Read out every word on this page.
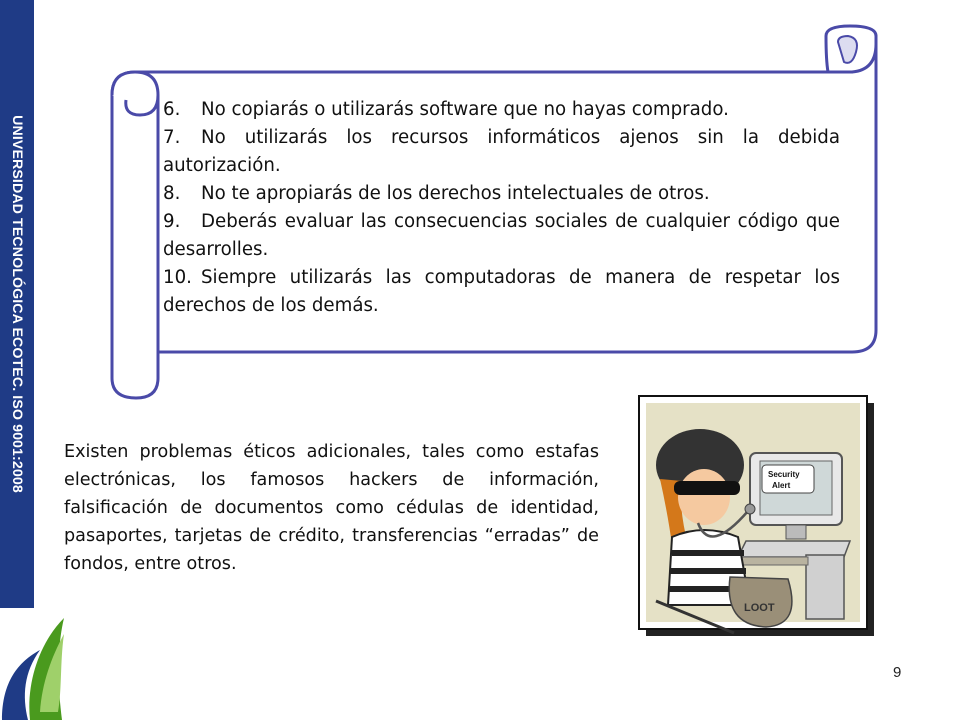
UNIVERSIDAD TECNOLÓGICA ECOTEC. ISO 9001:2008

6. No copiarás o utilizarás software que no hayas comprado.

7. No utilizarás los recursos informáticos ajenos sin la debida autorización.

8. No te apropiarás de los derechos intelectuales de otros.

9. Deberás evaluar las consecuencias sociales de cualquier código que desarrolles.

10. Siempre utilizarás las computadoras de manera de respetar los derechos de los demás.

Existen problemas éticos adicionales, tales como estafas electrónicas, los famosos hackers de información, falsificación de documentos como cédulas de identidad, pasaportes, tarjetas de crédito, transferencias “erradas” de fondos, entre otros.

Security
Alert
LOOT
9
